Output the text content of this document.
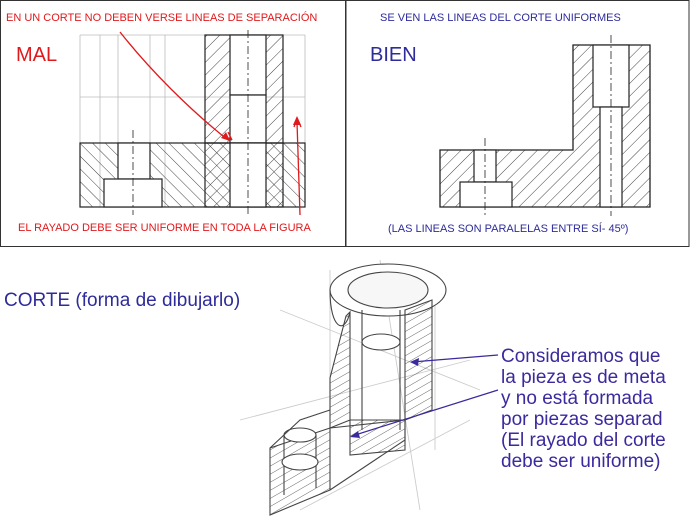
EN UN CORTE NO DEBEN VERSE LINEAS DE SEPARACIÓN
MAL
EL RAYADO DEBE SER UNIFORME EN TODA LA FIGURA
SE VEN LAS LINEAS DEL CORTE UNIFORMES
BIEN
(LAS LINEAS SON PARALELAS ENTRE SÍ- 45º)
CORTE (forma de dibujarlo)
Consideramos que
la pieza es de meta
y no está formada
por piezas separad
(El rayado del corte
debe ser uniforme)
